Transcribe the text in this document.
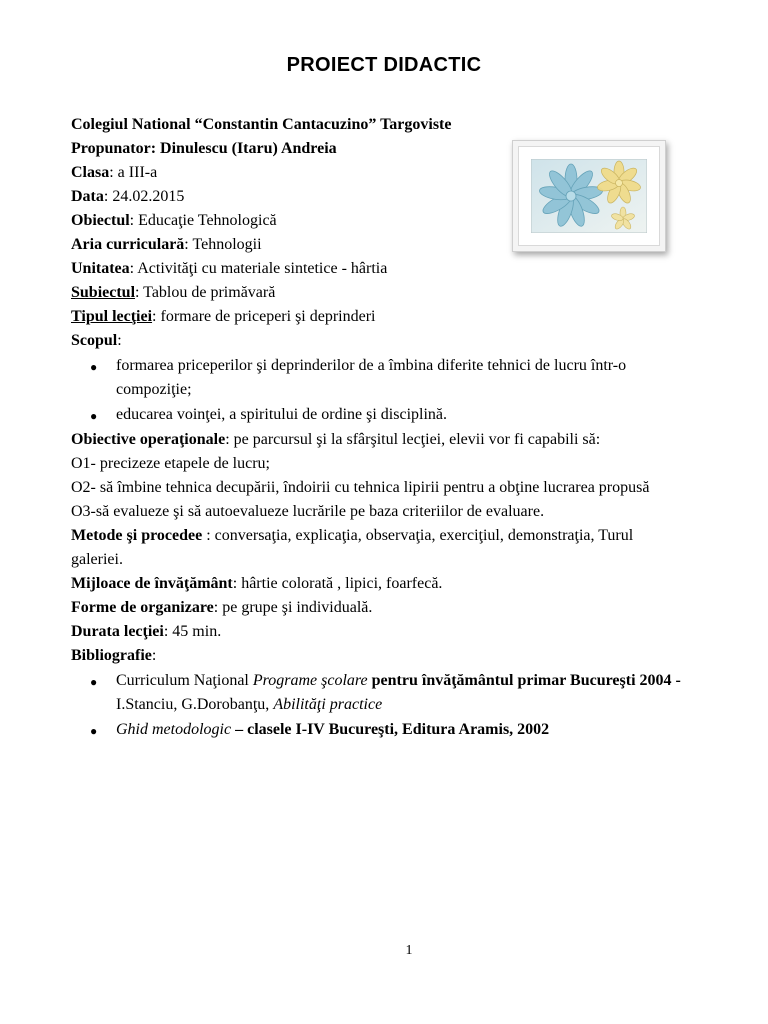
PROIECT DIDACTIC
Colegiul National “Constantin Cantacuzino” Targoviste
Propunator: Dinulescu (Itaru) Andreia
Clasa: a III-a
Data: 24.02.2015
Obiectul: Educaţie Tehnologică
Aria curriculară: Tehnologii
Unitatea: Activităţi cu materiale sintetice - hârtia
Subiectul: Tablou de primăvară
Tipul lecţiei: formare de priceperi şi deprinderi
Scopul:
● formarea priceperilor şi deprinderilor de a îmbina diferite tehnici de lucru într-o
compoziţie;
● educarea voinţei, a spiritului de ordine şi disciplină.
Obiective operaţionale: pe parcursul şi la sfârşitul lecţiei, elevii vor fi capabili să:
O1- precizeze etapele de lucru;
O2- să îmbine tehnica decupării, îndoirii cu tehnica lipirii pentru a obţine lucrarea propusă
O3-să evalueze şi să autoevalueze lucrările pe baza criteriilor de evaluare.
Metode şi procedee : conversaţia, explicaţia, observaţia, exerciţiul, demonstraţia, Turul
galeriei.
Mijloace de învăţământ: hârtie colorată , lipici, foarfecă.
Forme de organizare: pe grupe şi individuală.
Durata lecţiei: 45 min.
Bibliografie:
● Curriculum Naţional Programe şcolare pentru învăţământul primar Bucureşti 2004 -
I.Stanciu, G.Dorobanţu, Abilităţi practice
● Ghid metodologic – clasele I-IV Bucureşti, Editura Aramis, 2002
1
